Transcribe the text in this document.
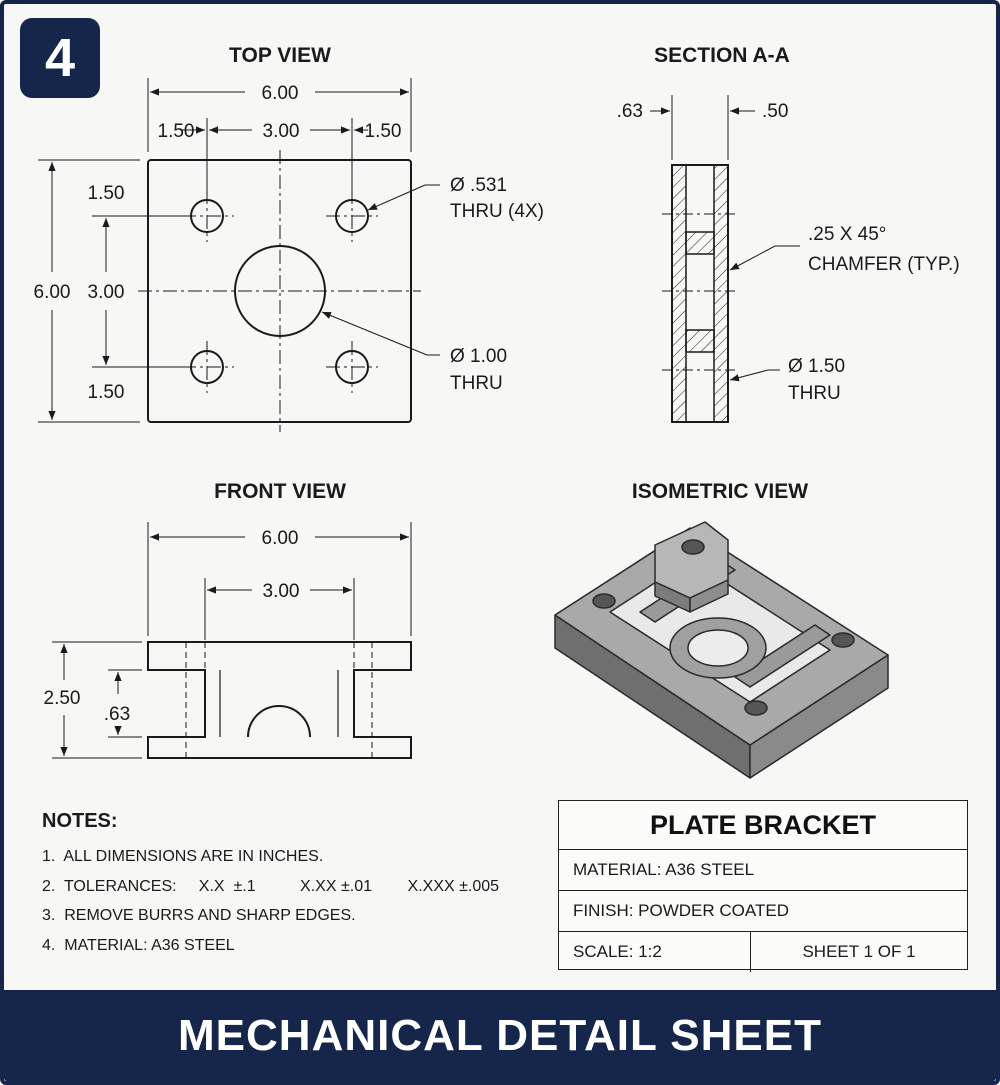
4	TOP VIEW
6.00
1.50	3.00	1.50
1.50
3.00
1.50
6.00
Ø .531
THRU (4X)
Ø 1.00
THRU
SECTION A-A
.63	.50
.25 X 45°
CHAMFER (TYP.)
Ø 1.50
THRU
FRONT VIEW
6.00
3.00
2.50
.63
ISOMETRIC VIEW
NOTES:
1.  ALL DIMENSIONS ARE IN INCHES.
2.  TOLERANCES:     X.X  ±.1          X.XX ±.01        X.XXX ±.005
3.  REMOVE BURRS AND SHARP EDGES.
4.  MATERIAL: A36 STEEL
PLATE BRACKET
MATERIAL: A36 STEEL
FINISH: POWDER COATED
SCALE: 1:2	SHEET 1 OF 1
MECHANICAL DETAIL SHEET
